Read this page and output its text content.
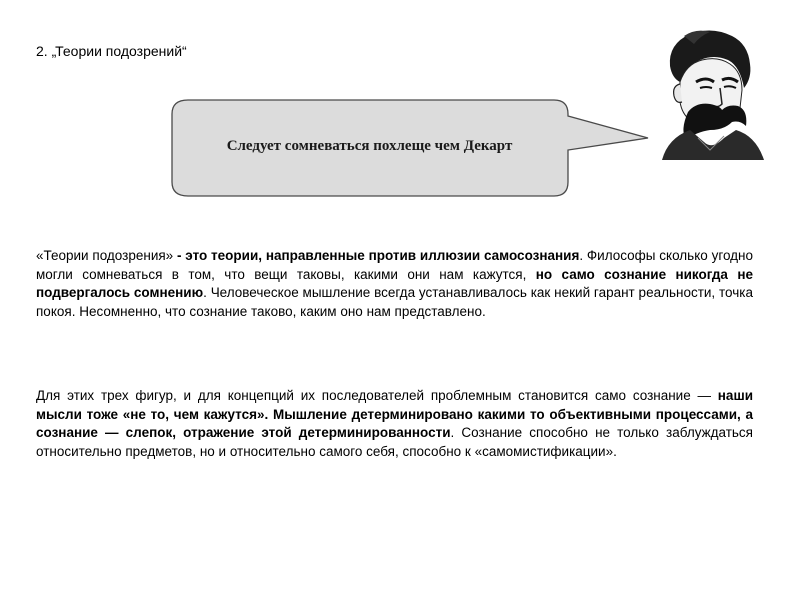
2. „Теории подозрений“
Следует сомневаться похлеще чем Декарт

«Теории подозрения» - это теории, направленные против иллюзии самосознания. Философы сколько угодно могли сомневаться в том, что вещи таковы, какими они нам кажутся, но само сознание никогда не подвергалось сомнению. Человеческое мышление всегда устанавливалось как некий гарант реальности, точка покоя. Несомненно, что сознание таково, каким оно нам представлено.

Для этих трех фигур, и для концепций их последователей проблемным становится само сознание — наши мысли тоже «не то, чем кажутся». Мышление детерминировано какими то объективными процессами, а сознание — слепок, отражение этой детерминированности. Сознание способно не только заблуждаться относительно предметов, но и относительно самого себя, способно к «самомистификации».
